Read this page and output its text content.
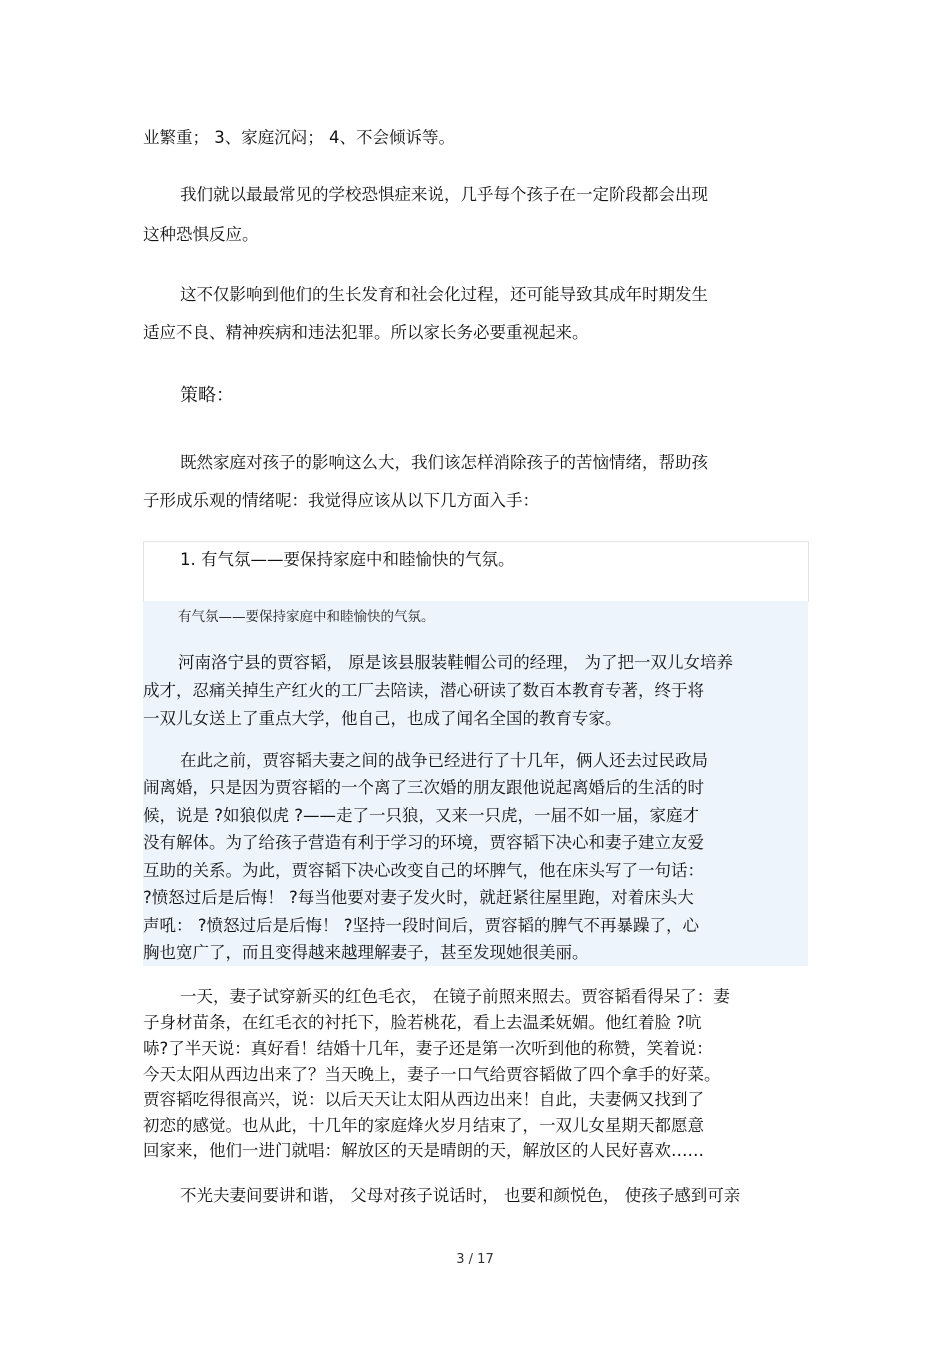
业繁重； 3、家庭沉闷； 4、不会倾诉等。
我们就以最最常见的学校恐惧症来说，几乎每个孩子在一定阶段都会出现
这种恐惧反应。
这不仅影响到他们的生长发育和社会化过程，还可能导致其成年时期发生
适应不良、精神疾病和违法犯罪。所以家长务必要重视起来。
策略：
既然家庭对孩子的影响这么大，我们该怎样消除孩子的苦恼情绪，帮助孩
子形成乐观的情绪呢：我觉得应该从以下几方面入手：
1. 有气氛——要保持家庭中和睦愉快的气氛。
有气氛——要保持家庭中和睦愉快的气氛。
河南洛宁县的贾容韬， 原是该县服装鞋帽公司的经理， 为了把一双儿女培养
成才，忍痛关掉生产红火的工厂去陪读，潜心研读了数百本教育专著，终于将
一双儿女送上了重点大学，他自己，也成了闻名全国的教育专家。
在此之前，贾容韬夫妻之间的战争已经进行了十几年，俩人还去过民政局
闹离婚，只是因为贾容韬的一个离了三次婚的朋友跟他说起离婚后的生活的时
候，说是 ?如狼似虎 ?——走了一只狼，又来一只虎，一届不如一届，家庭才
没有解体。为了给孩子营造有利于学习的环境，贾容韬下决心和妻子建立友爱
互助的关系。为此，贾容韬下决心改变自己的坏脾气，他在床头写了一句话：
?愤怒过后是后悔！ ?每当他要对妻子发火时，就赶紧往屋里跑，对着床头大
声吼： ?愤怒过后是后悔！ ?坚持一段时间后，贾容韬的脾气不再暴躁了，心
胸也宽广了，而且变得越来越理解妻子，甚至发现她很美丽。
一天，妻子试穿新买的红色毛衣， 在镜子前照来照去。贾容韬看得呆了：妻
子身材苗条，在红毛衣的衬托下，脸若桃花，看上去温柔妩媚。他红着脸 ?吭
哧?了半天说：真好看！结婚十几年，妻子还是第一次听到他的称赞，笑着说：
今天太阳从西边出来了？当天晚上，妻子一口气给贾容韬做了四个拿手的好菜。
贾容韬吃得很高兴，说：以后天天让太阳从西边出来！自此，夫妻俩又找到了
初恋的感觉。也从此，十几年的家庭烽火岁月结束了，一双儿女星期天都愿意
回家来，他们一进门就唱：解放区的天是晴朗的天，解放区的人民好喜欢……
不光夫妻间要讲和谐， 父母对孩子说话时， 也要和颜悦色， 使孩子感到可亲
3 / 17
